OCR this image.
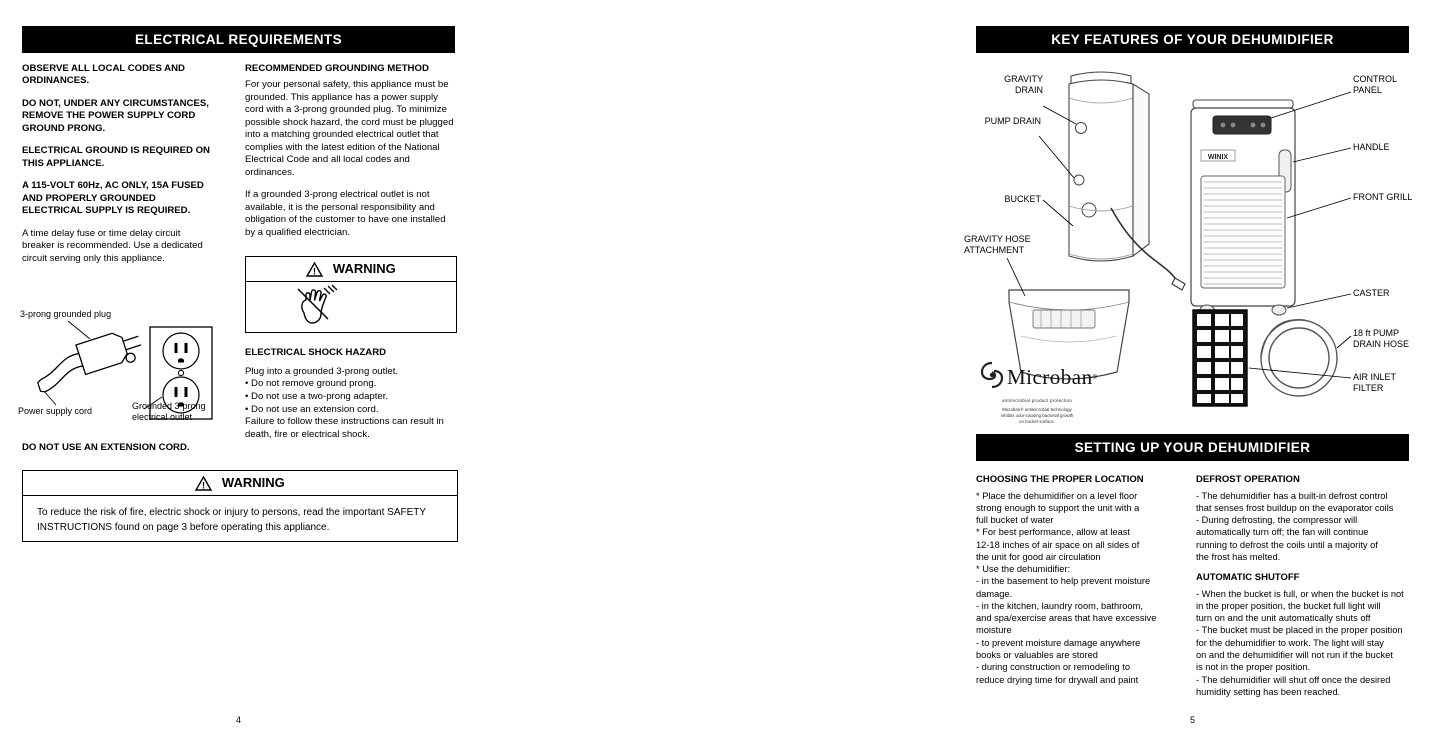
ELECTRICAL REQUIREMENTS

OBSERVE ALL LOCAL CODES AND ORDINANCES.

DO NOT, UNDER ANY CIRCUMSTANCES, REMOVE THE POWER SUPPLY CORD GROUND PRONG.

ELECTRICAL GROUND IS REQUIRED ON THIS APPLIANCE.

A 115-VOLT 60Hz, AC ONLY, 15A FUSED AND PROPERLY GROUNDED ELECTRICAL SUPPLY IS REQUIRED.

A time delay fuse or time delay circuit breaker is recommended. Use a dedicated circuit serving only this appliance.

3-prong grounded plug
Power supply cord	Grounded 3-prong electrical outlet
DO NOT USE AN EXTENSION CORD.

RECOMMENDED GROUNDING METHOD

For your personal safety, this appliance must be grounded. This appliance has a power supply cord with a 3-prong grounded plug. To minimize possible shock hazard, the cord must be plugged into a matching grounded electrical outlet that complies with the latest edition of the National Electrical Code and all local codes and ordinances.

If a grounded 3-prong electrical outlet is not available, it is the personal responsibility and obligation of the customer to have one installed by a qualified electrician.

! WARNING

ELECTRICAL SHOCK HAZARD

Plug into a grounded 3-prong outlet.
• Do not remove ground prong.
• Do not use a two-prong adapter.
• Do not use an extension cord.
Failure to follow these instructions can result in death, fire or electrical shock.
! WARNING
To reduce the risk of fire, electric shock or injury to persons, read the important SAFETY INSTRUCTIONS found on page 3 before operating this appliance.
4
KEY FEATURES OF YOUR DEHUMIDIFIER
SETTING UP YOUR DEHUMIDIFIER
WINIX
GRAVITY
DRAIN
PUMP DRAIN
BUCKET
GRAVITY HOSE
ATTACHMENT
CONTROL
PANEL
HANDLE
FRONT GRILL
CASTER
18 ft PUMP
DRAIN HOSE
AIR INLET
FILTER
Microban ®
antimicrobial product protection
Microban® antimicrobial technology
inhibits odor-causing bacterial growth
on bucket surface.
CHOOSING THE PROPER LOCATION
* Place the dehumidifier on a level floor
strong enough to support the unit with a
full bucket of water
* For best performance, allow at least
12-18 inches of air space on all sides of
the unit for good air circulation
* Use the dehumidifier:
- in the basement to help prevent moisture
damage.
- in the kitchen, laundry room, bathroom,
and spa/exercise areas that have excessive
moisture
- to prevent moisture damage anywhere
books or valuables are stored
- during construction or remodeling to
reduce drying time for drywall and paint
DEFROST OPERATION
- The dehumidifier has a built-in defrost control
that senses frost buildup on the evaporator coils
- During defrosting, the compressor will
automatically turn off; the fan will continue
running to defrost the coils until a majority of
the frost has melted.
AUTOMATIC SHUTOFF
- When the bucket is full, or when the bucket is not
in the proper position, the bucket full light will
turn on and the unit automatically shuts off
- The bucket must be placed in the proper position
for the dehumidifier to work. The light will stay
on and the dehumidifier will not run if the bucket
is not in the proper position.
- The dehumidifier will shut off once the desired
humidity setting has been reached.
5
